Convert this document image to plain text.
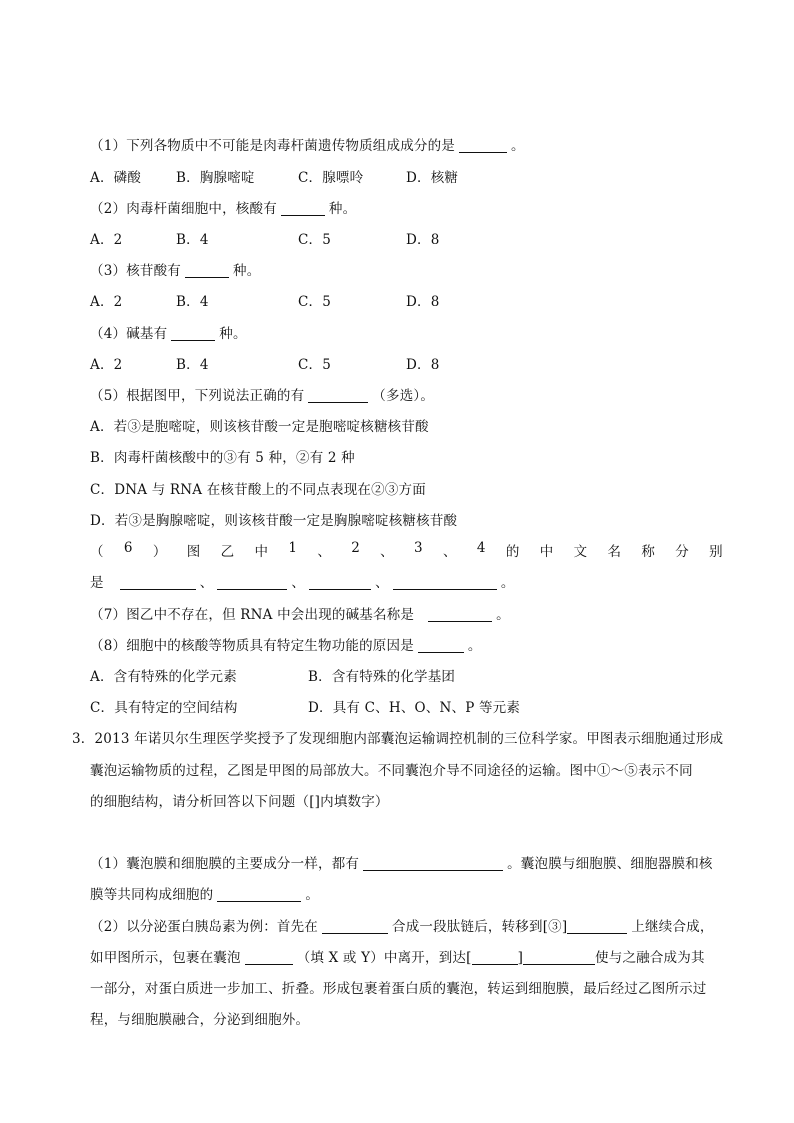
（1）下列各物质中不可能是肉毒杆菌遗传物质组成成分的是	。
A．磷酸	B．胸腺嘧啶	C．腺嘌呤	D．核糖
（2）肉毒杆菌细胞中，核酸有	种。
A．2	B．4	C．5	D．8
（3）核苷酸有	种。
A．2	B．4	C．5	D．8
（4）碱基有	种。
A．2	B．4	C．5	D．8
（5）根据图甲，下列说法正确的有	（多选）。
A．若③是胞嘧啶，则该核苷酸一定是胞嘧啶核糖核苷酸
B．肉毒杆菌核酸中的③有 5 种，②有 2 种
C．DNA 与 RNA 在核苷酸上的不同点表现在②③方面
D．若③是胸腺嘧啶，则该核苷酸一定是胸腺嘧啶核糖核苷酸
（ 6 ） 图 乙 中 1 、 2 、 3 、 4 的 中 文 名 称 分 别
是	、	、	、	。
（7）图乙中不存在，但 RNA 中会出现的碱基名称是	。
（8）细胞中的核酸等物质具有特定生物功能的原因是	。
A．含有特殊的化学元素	B．含有特殊的化学基团
C．具有特定的空间结构	D．具有 C、H、O、N、P 等元素
3．2013 年诺贝尔生理医学奖授予了发现细胞内部囊泡运输调控机制的三位科学家。甲图表示细胞通过形成
囊泡运输物质的过程，乙图是甲图的局部放大。不同囊泡介导不同途径的运输。图中①～⑤表示不同
的细胞结构，请分析回答以下问题（[]内填数字）
（1）囊泡膜和细胞膜的主要成分一样，都有	。囊泡膜与细胞膜、细胞器膜和核
膜等共同构成细胞的	。
（2）以分泌蛋白胰岛素为例：首先在	合成一段肽链后，转移到[③]	上继续合成，
如甲图所示，包裹在囊泡	（填 X 或 Y）中离开，到达[	]	使与之融合成为其
一部分，对蛋白质进一步加工、折叠。形成包裹着蛋白质的囊泡，转运到细胞膜，最后经过乙图所示过
程，与细胞膜融合，分泌到细胞外。
